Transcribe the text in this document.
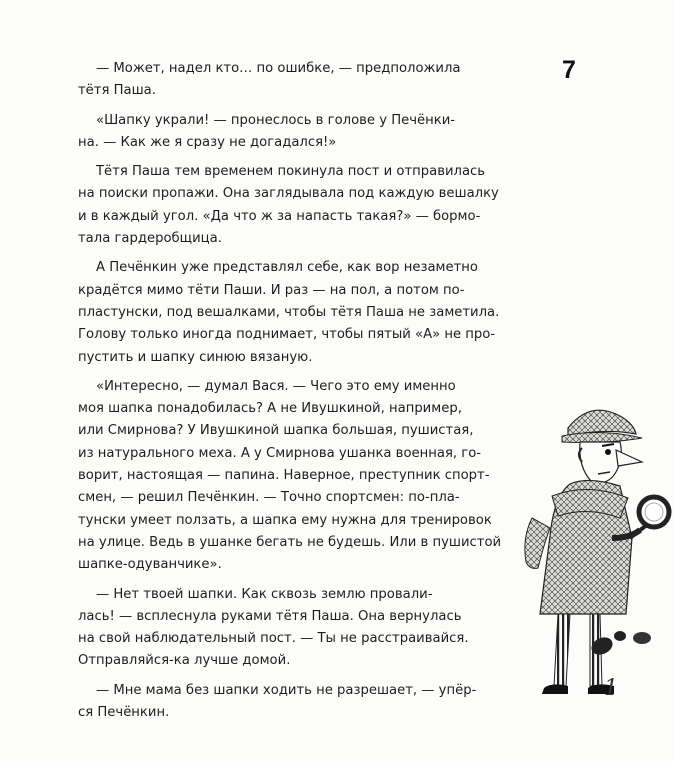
7

— Может, надел кто… по ошибке, — предположила
тётя Паша.

«Шапку украли! — пронеслось в голове у Печёнки-
на. — Как же я сразу не догадался!»

Тётя Паша тем временем покинула пост и отправилась
на поиски пропажи. Она заглядывала под каждую вешалку
и в каждый угол. «Да что ж за напасть такая?» — бормо-
тала гардеробщица.

А Печёнкин уже представлял себе, как вор незаметно
крадётся мимо тёти Паши. И раз — на пол, а потом по-
пластунски, под вешалками, чтобы тётя Паша не заметила.
Голову только иногда поднимает, чтобы пятый «А» не про-
пустить и шапку синюю вязаную.

«Интересно, — думал Вася. — Чего это ему именно
моя шапка понадобилась? А не Ивушкиной, например,
или Смирнова? У Ивушкиной шапка большая, пушистая,
из натурального меха. А у Смирнова ушанка военная, го-
ворит, настоящая — папина. Наверное, преступник спорт-
смен, — решил Печёнкин. — Точно спортсмен: по-пла-
тунски умеет ползать, а шапка ему нужна для тренировок
на улице. Ведь в ушанке бегать не будешь. Или в пушистой
шапке-одуванчике».

— Нет твоей шапки. Как сквозь землю провали-
лась! — всплеснула руками тётя Паша. Она вернулась
на свой наблюдательный пост. — Ты не расстраивайся.
Отправляйся-ка лучше домой.

— Мне мама без шапки ходить не разрешает, — упёр-
ся Печёнкин.

1
